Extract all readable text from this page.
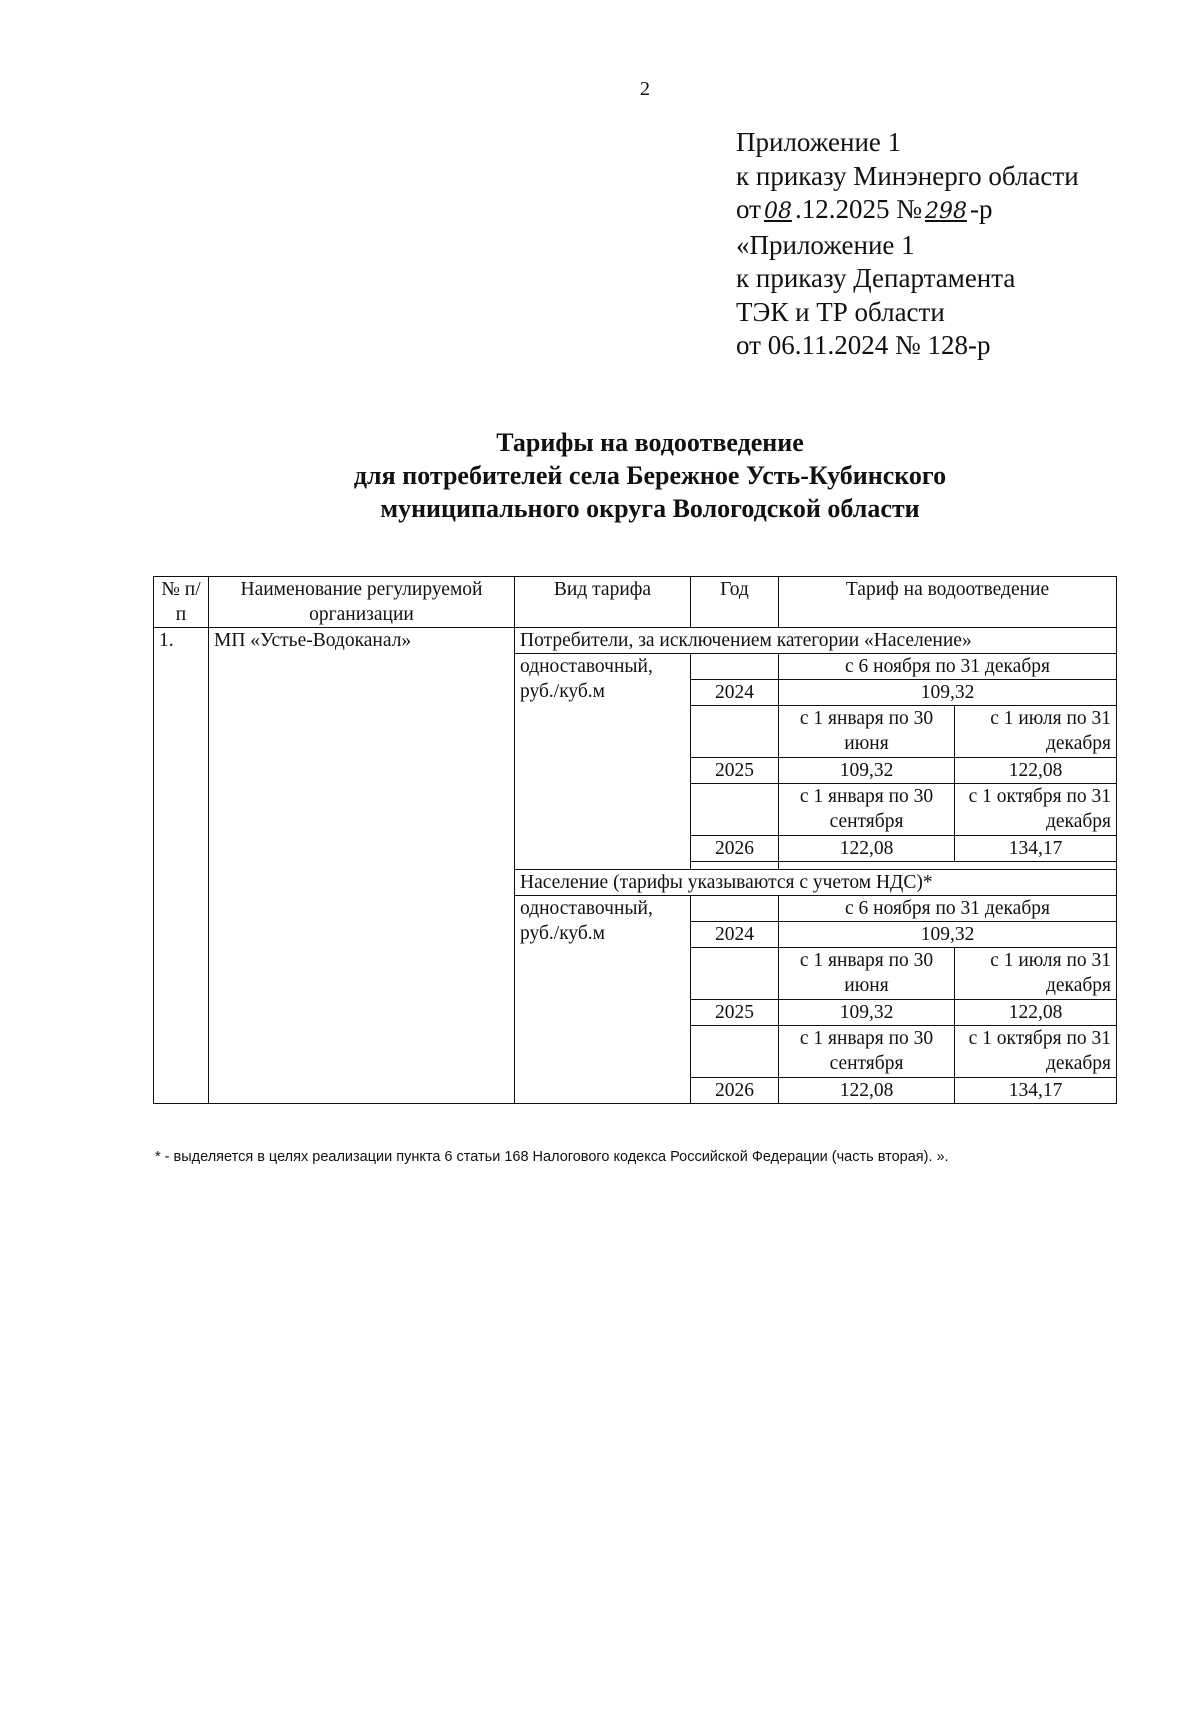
2
Приложение 1
к приказу Минэнерго области
от 08 .12.2025 № 298 -р
«Приложение 1
к приказу Департамента
ТЭК и ТР области
от 06.11.2024 № 128-р
Тарифы на водоотведение
для потребителей села Бережное Усть-Кубинского
муниципального округа Вологодской области
№ п/п	Наименование регулируемой организации	Вид тарифа	Год	Тариф на водоотведение	
1.	МП «Устье-Водоканал»	Потребители, за исключением категории «Население»			
		одноставочный, руб./куб.м		с 6 ноября по 31 декабря	
			2024	109,32	
				с 1 января по 30 июня	с 1 июля по 31 декабря
			2025	109,32	122,08
				с 1 января по 30 сентября	с 1 октября по 31 декабря
			2026	122,08	134,17

		Население (тарифы указываются с учетом НДС)*			
		одноставочный, руб./куб.м		с 6 ноября по 31 декабря	
			2024	109,32	
				с 1 января по 30 июня	с 1 июля по 31 декабря
			2025	109,32	122,08
				с 1 января по 30 сентября	с 1 октября по 31 декабря
			2026	122,08	134,17
* - выделяется в целях реализации пункта 6 статьи 168 Налогового кодекса Российской Федерации (часть вторая). ».
